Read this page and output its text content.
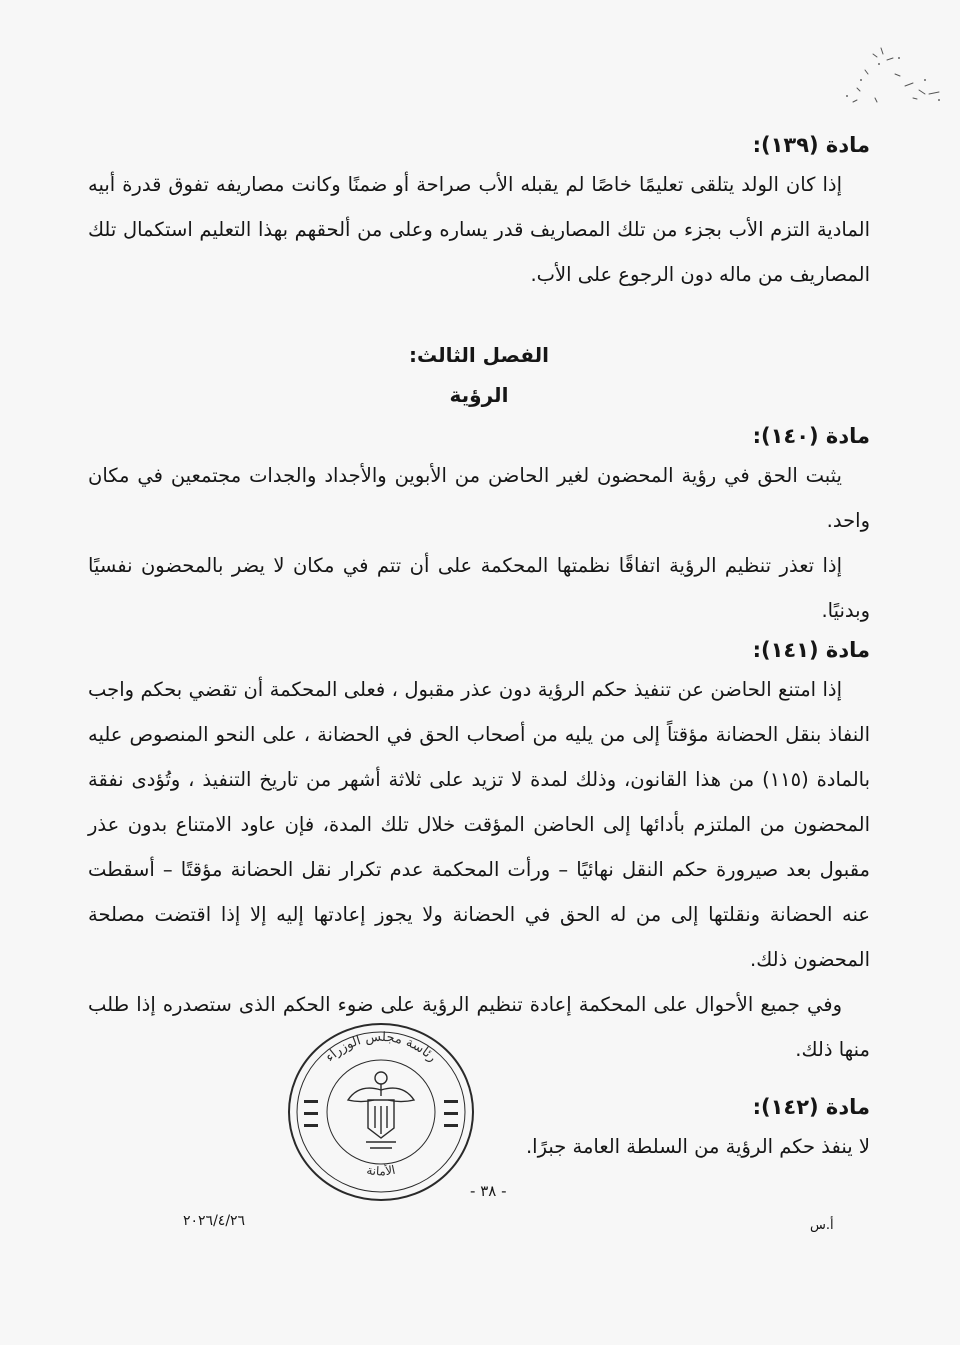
مادة (١٣٩):

إذا كان الولد يتلقى تعليمًا خاصًا لم يقبله الأب صراحة أو ضمنًا وكانت مصاريفه تفوق قدرة أبيه المادية التزم الأب بجزء من تلك المصاريف قدر يساره وعلى من ألحقهم بهذا التعليم استكمال تلك المصاريف من ماله دون الرجوع على الأب.

الفصل الثالث:
الرؤية
مادة (١٤٠):

يثبت الحق في رؤية المحضون لغير الحاضن من الأبوين والأجداد والجدات مجتمعين في مكان واحد.

إذا تعذر تنظيم الرؤية اتفاقًا نظمتها المحكمة على أن تتم في مكان لا يضر بالمحضون نفسيًا وبدنيًا.

مادة (١٤١):

إذا امتنع الحاضن عن تنفيذ حكم الرؤية دون عذر مقبول ، فعلى المحكمة أن تقضي بحكم واجب النفاذ بنقل الحضانة مؤقتاً إلى من يليه من أصحاب الحق في الحضانة ، على النحو المنصوص عليه بالمادة (١١٥) من هذا القانون، وذلك لمدة لا تزيد على ثلاثة أشهر من تاريخ التنفيذ ، وتُؤدى نفقة المحضون من الملتزم بأدائها إلى الحاضن المؤقت خلال تلك المدة، فإن عاود الامتناع بدون عذر مقبول بعد صيرورة حكم النقل نهائيًا – ورأت المحكمة عدم تكرار نقل الحضانة مؤقتًا – أسقطت عنه الحضانة ونقلتها إلى من له الحق في الحضانة ولا يجوز إعادتها إليه إلا إذا اقتضت مصلحة المحضون ذلك.

وفي جميع الأحوال على المحكمة إعادة تنظيم الرؤية على ضوء الحكم الذى ستصدره إذا طلب منها ذلك.

مادة (١٤٢):

لا ينفذ حكم الرؤية من السلطة العامة جبرًا.

رئاسة مجلس الوزراء
الأمانة
- ٣٨ -
٢٠٢٦/٤/٢٦	أ.س
